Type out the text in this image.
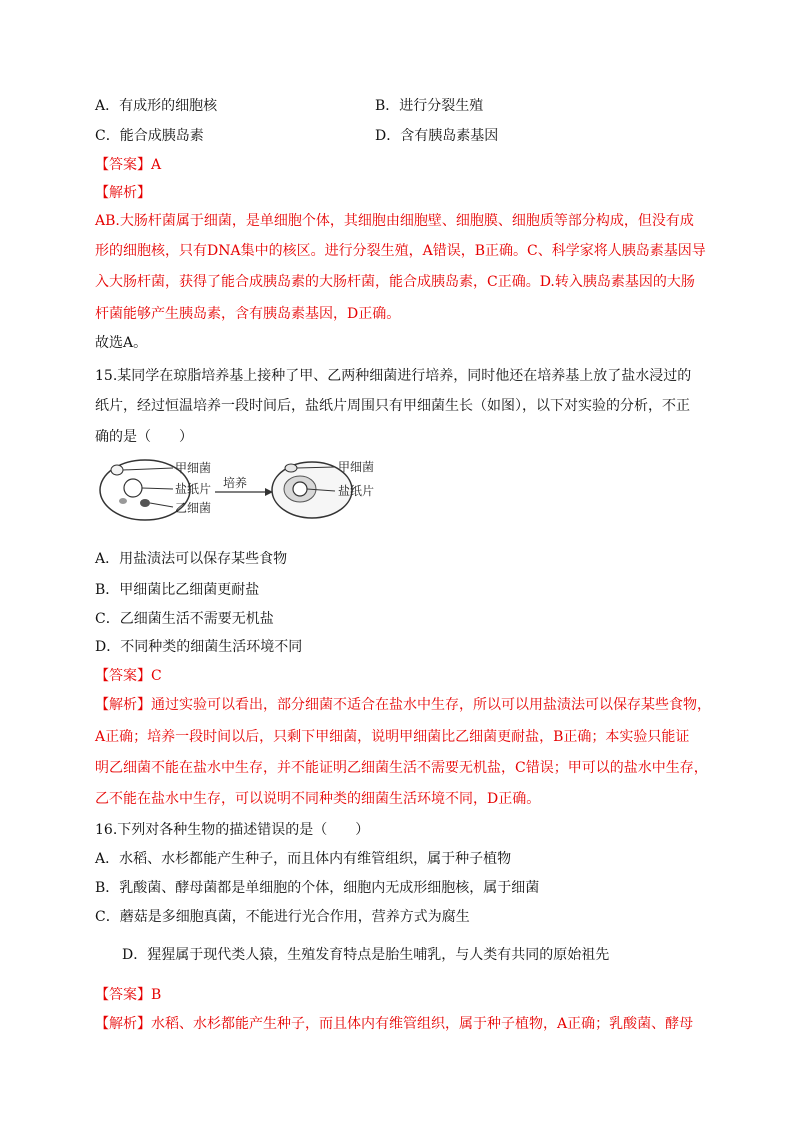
A．有成形的细胞核	B．进行分裂生殖
C．能合成胰岛素	D．含有胰岛素基因
【答案】A
【解析】
AB.大肠杆菌属于细菌，是单细胞个体，其细胞由细胞壁、细胞膜、细胞质等部分构成，但没有成
形的细胞核，只有DNA集中的核区。进行分裂生殖，A错误，B正确。C、科学家将人胰岛素基因导
入大肠杆菌，获得了能合成胰岛素的大肠杆菌，能合成胰岛素，C正确。D.转入胰岛素基因的大肠
杆菌能够产生胰岛素，含有胰岛素基因，D正确。
故选A。
15.某同学在琼脂培养基上接种了甲、乙两种细菌进行培养，同时他还在培养基上放了盐水浸过的
纸片，经过恒温培养一段时间后，盐纸片周围只有甲细菌生长（如图），以下对实验的分析，不正
确的是（　　）
甲细菌
盐纸片
乙细菌
培养
甲细菌
盐纸片
A．用盐渍法可以保存某些食物
B．甲细菌比乙细菌更耐盐
C．乙细菌生活不需要无机盐
D．不同种类的细菌生活环境不同
【答案】C
【解析】通过实验可以看出，部分细菌不适合在盐水中生存，所以可以用盐渍法可以保存某些食物，
A正确；培养一段时间以后，只剩下甲细菌，说明甲细菌比乙细菌更耐盐，B正确；本实验只能证
明乙细菌不能在盐水中生存，并不能证明乙细菌生活不需要无机盐，C错误；甲可以的盐水中生存，
乙不能在盐水中生存，可以说明不同种类的细菌生活环境不同，D正确。
16.下列对各种生物的描述错误的是（　　）
A．水稻、水杉都能产生种子，而且体内有维管组织，属于种子植物
B．乳酸菌、酵母菌都是单细胞的个体，细胞内无成形细胞核，属于细菌
C．蘑菇是多细胞真菌，不能进行光合作用，营养方式为腐生
D．猩猩属于现代类人猿，生殖发育特点是胎生哺乳，与人类有共同的原始祖先
【答案】B
【解析】水稻、水杉都能产生种子，而且体内有维管组织，属于种子植物，A正确；乳酸菌、酵母
